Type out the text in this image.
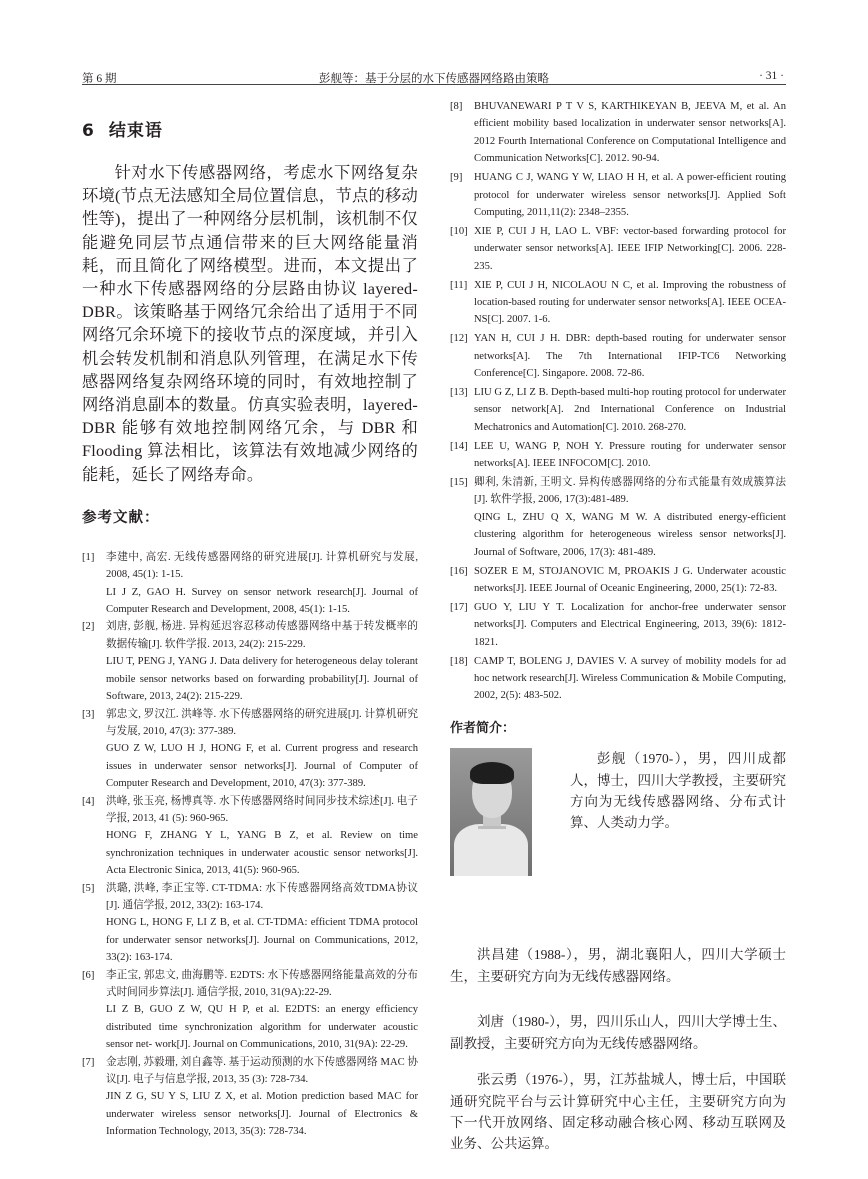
第 6 期	彭舰等：基于分层的水下传感器网络路由策略	· 31 ·
6 结束语

针对水下传感器网络，考虑水下网络复杂环境(节点无法感知全局位置信息，节点的移动性等)，提出了一种网络分层机制，该机制不仅能避免同层节点通信带来的巨大网络能量消耗，而且简化了网络模型。进而，本文提出了一种水下传感器网络的分层路由协议 layered-DBR。该策略基于网络冗余给出了适用于不同网络冗余环境下的接收节点的深度域，并引入机会转发机制和消息队列管理，在满足水下传感器网络复杂网络环境的同时，有效地控制了网络消息副本的数量。仿真实验表明，layered-DBR 能够有效地控制网络冗余，与 DBR 和 Flooding 算法相比，该算法有效地减少网络的能耗，延长了网络寿命。

参考文献：
[1] 李建中, 高宏. 无线传感器网络的研究进展[J]. 计算机研究与发展, 2008, 45(1): 1-15.

LI J Z, GAO H. Survey on sensor network research[J]. Journal of Computer Research and Development, 2008, 45(1): 1-15.

[2] 刘唐, 彭舰, 杨进. 异构延迟容忍移动传感器网络中基于转发概率的数据传输[J]. 软件学报. 2013, 24(2): 215-229.

LIU T, PENG J, YANG J. Data delivery for heterogeneous delay tolerant mobile sensor networks based on forwarding probability[J]. Journal of Software, 2013, 24(2): 215-229.

[3] 郭忠文, 罗汉江. 洪峰等. 水下传感器网络的研究进展[J]. 计算机研究与发展, 2010, 47(3): 377-389.

GUO Z W, LUO H J, HONG F, et al. Current progress and research issues in underwater sensor networks[J]. Journal of Computer of Computer Research and Development, 2010, 47(3): 377-389.

[4] 洪峰, 张玉亮, 杨博真等. 水下传感器网络时间同步技术综述[J]. 电子学报, 2013, 41 (5): 960-965.

HONG F, ZHANG Y L, YANG B Z, et al. Review on time synchronization techniques in underwater acoustic sensor networks[J]. Acta Electronic Sinica, 2013, 41(5): 960-965.

[5] 洪璐, 洪峰, 李正宝等. CT-TDMA: 水下传感器网络高效TDMA协议[J]. 通信学报, 2012, 33(2): 163-174.

HONG L, HONG F, LI Z B, et al. CT-TDMA: efficient TDMA protocol for underwater sensor networks[J]. Journal on Communications, 2012, 33(2): 163-174.

[6] 李正宝, 郭忠文, 曲海鹏等. E2DTS: 水下传感器网络能量高效的分布式时间同步算法[J]. 通信学报, 2010, 31(9A):22-29.

LI Z B, GUO Z W, QU H P, et al. E2DTS: an energy efficiency distributed time synchronization algorithm for underwater acoustic sensor net- work[J]. Journal on Communications, 2010, 31(9A): 22-29.

[7] 金志刚, 苏毅珊, 刘自鑫等. 基于运动预测的水下传感器网络 MAC 协议[J]. 电子与信息学报, 2013, 35 (3): 728-734.

JIN Z G, SU Y S, LIU Z X, et al. Motion prediction based MAC for underwater wireless sensor networks[J]. Journal of Electronics & Information Technology, 2013, 35(3): 728-734.

[8] BHUVANEWARI P T V S, KARTHIKEYAN B, JEEVA M, et al. An efficient mobility based localization in underwater sensor networks[A]. 2012 Fourth International Conference on Computational Intelligence and Communication Networks[C]. 2012. 90-94.

[9] HUANG C J, WANG Y W, LIAO H H, et al. A power-efficient routing protocol for underwater wireless sensor networks[J]. Applied Soft Computing, 2011,11(2): 2348–2355.

[10] XIE P, CUI J H, LAO L. VBF: vector-based forwarding protocol for underwater sensor networks[A]. IEEE IFIP Networking[C]. 2006. 228-235.

[11] XIE P, CUI J H, NICOLAOU N C, et al. Improving the robustness of location-based routing for underwater sensor networks[A]. IEEE OCEA- NS[C]. 2007. 1-6.

[12] YAN H, CUI J H. DBR: depth-based routing for underwater sensor networks[A]. The 7th International IFIP-TC6 Networking Conference[C]. Singapore. 2008. 72-86.

[13] LIU G Z, LI Z B. Depth-based multi-hop routing protocol for underwater sensor network[A]. 2nd International Conference on Industrial Mechatronics and Automation[C]. 2010. 268-270.

[14] LEE U, WANG P, NOH Y. Pressure routing for underwater sensor networks[A]. IEEE INFOCOM[C]. 2010.

[15] 卿利, 朱清新, 王明文. 异构传感器网络的分布式能量有效成簇算法[J]. 软件学报, 2006, 17(3):481-489.

QING L, ZHU Q X, WANG M W. A distributed energy-efficient clustering algorithm for heterogeneous wireless sensor networks[J]. Journal of Software, 2006, 17(3): 481-489.

[16] SOZER E M, STOJANOVIC M, PROAKIS J G. Underwater acoustic networks[J]. IEEE Journal of Oceanic Engineering, 2000, 25(1): 72-83.

[17] GUO Y, LIU Y T. Localization for anchor-free underwater sensor networks[J]. Computers and Electrical Engineering, 2013, 39(6): 1812-1821.

[18] CAMP T, BOLENG J, DAVIES V. A survey of mobility models for ad hoc network research[J]. Wireless Communication & Mobile Computing, 2002, 2(5): 483-502.

作者简介：
彭舰（1970-），男，四川成都人，博士，四川大学教授，主要研究方向为无线传感器网络、分布式计算、人类动力学。
洪昌建（1988-），男，湖北襄阳人，四川大学硕士生，主要研究方向为无线传感器网络。
刘唐（1980-），男，四川乐山人，四川大学博士生、副教授，主要研究方向为无线传感器网络。
张云勇（1976-），男，江苏盐城人，博士后，中国联通研究院平台与云计算研究中心主任，主要研究方向为下一代开放网络、固定移动融合核心网、移动互联网及业务、公共运算。
